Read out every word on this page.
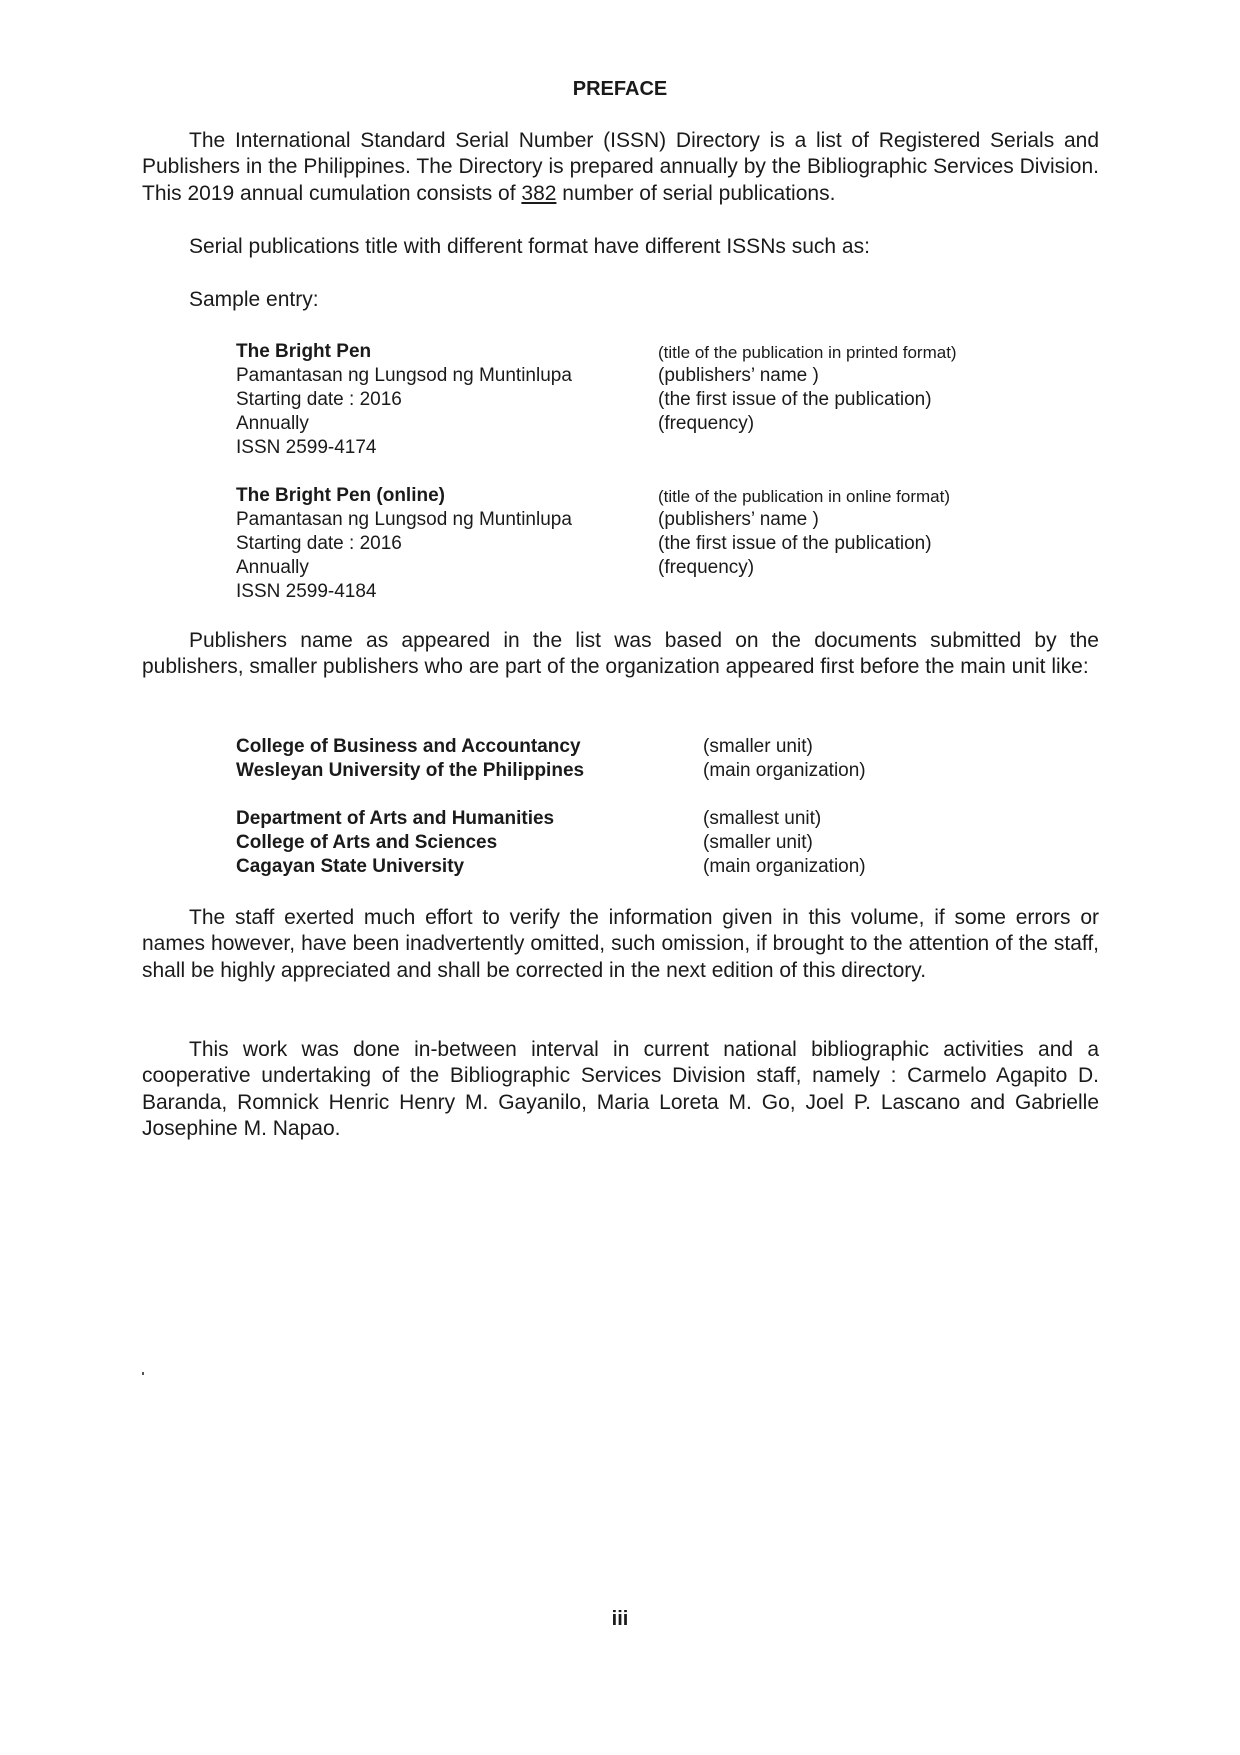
PREFACE

The International Standard Serial Number (ISSN) Directory is a list of Registered Serials and Publishers in the Philippines. The Directory is prepared annually by the Bibliographic Services Division. This 2019 annual cumulation consists of 382 number of serial publications.

Serial publications title with different format have different ISSNs such as:

Sample entry:

The Bright Pen	(title of the publication in printed format)
Pamantasan ng Lungsod ng Muntinlupa	(publishers’ name )
Starting date : 2016	(the first issue of the publication)
Annually	(frequency)
ISSN 2599-4174
The Bright Pen (online)	(title of the publication in online format)
Pamantasan ng Lungsod ng Muntinlupa	(publishers’ name )
Starting date : 2016	(the first issue of the publication)
Annually	(frequency)
ISSN 2599-4184

Publishers name as appeared in the list was based on the documents submitted by the publishers, smaller publishers who are part of the organization appeared first before the main unit like:

College of Business and Accountancy	(smaller unit)
Wesleyan University of the Philippines	(main organization)
Department of Arts and Humanities	(smallest unit)
College of Arts and Sciences	(smaller unit)
Cagayan State University	(main organization)

The staff exerted much effort to verify the information given in this volume, if some errors or names however, have been inadvertently omitted, such omission, if brought to the attention of the staff, shall be highly appreciated and shall be corrected in the next edition of this directory.

This work was done in-between interval in current national bibliographic activities and a cooperative undertaking of the Bibliographic Services Division staff, namely : Carmelo Agapito D. Baranda, Romnick Henric Henry M. Gayanilo, Maria Loreta M. Go, Joel P. Lascano and Gabrielle Josephine M. Napao.

iii
